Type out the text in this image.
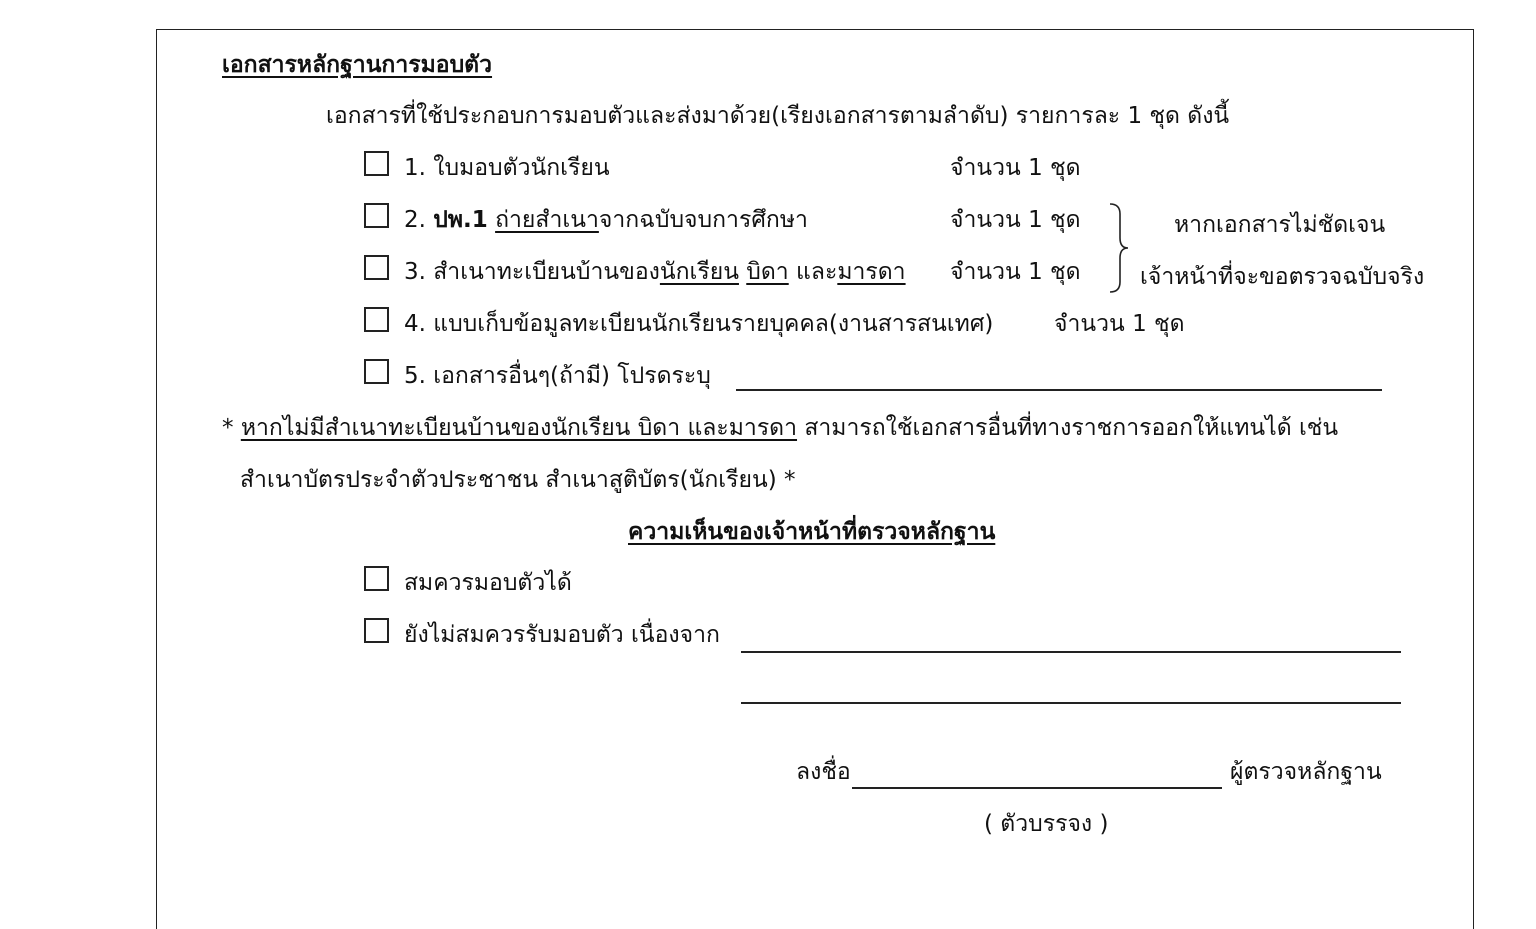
เอกสารหลักฐานการมอบตัว
เอกสารที่ใช้ประกอบการมอบตัวและส่งมาด้วย(เรียงเอกสารตามลำดับ) รายการละ 1 ชุด ดังนี้
1. ใบมอบตัวนักเรียน	จำนวน 1 ชุด
2. ปพ.1 ถ่ายสำเนาจากฉบับจบการศึกษา	จำนวน 1 ชุด
3. สำเนาทะเบียนบ้านของนักเรียน บิดา และมารดา จำนวน 1 ชุด
หากเอกสารไม่ชัดเจน
เจ้าหน้าที่จะขอตรวจฉบับจริง
4. แบบเก็บข้อมูลทะเบียนนักเรียนรายบุคคล(งานสารสนเทศ)	จำนวน 1 ชุด
5. เอกสารอื่นๆ(ถ้ามี) โปรดระบุ
* หากไม่มีสำเนาทะเบียนบ้านของนักเรียน บิดา และมารดา สามารถใช้เอกสารอื่นที่ทางราชการออกให้แทนได้ เช่น
สำเนาบัตรประจำตัวประชาชน สำเนาสูติบัตร(นักเรียน) *
ความเห็นของเจ้าหน้าที่ตรวจหลักฐาน
สมควรมอบตัวได้
ยังไม่สมควรรับมอบตัว เนื่องจาก
ลงชื่อ	ผู้ตรวจหลักฐาน
( ตัวบรรจง )
